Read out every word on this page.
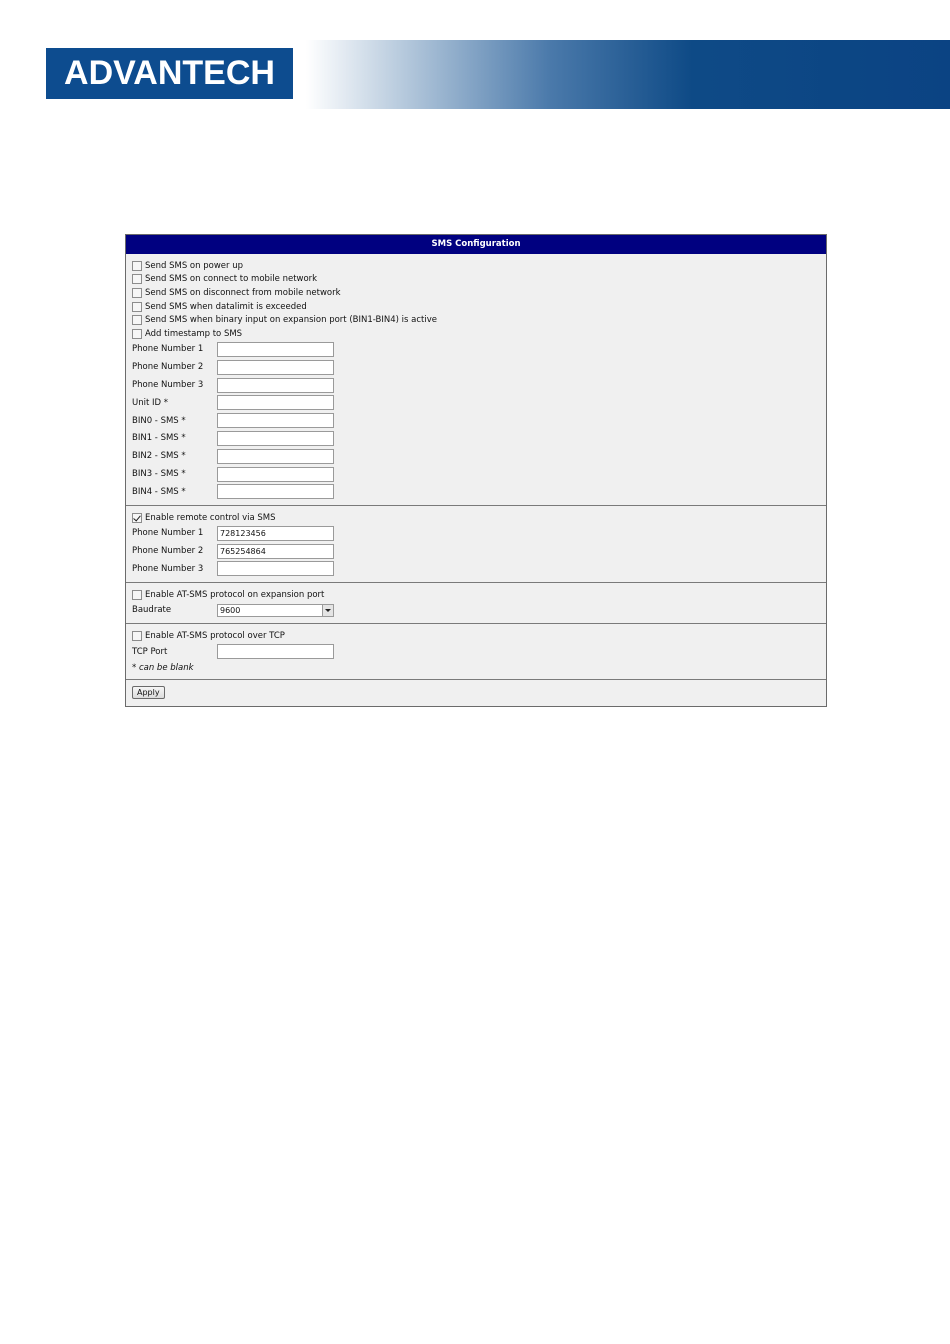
ADVANTECH
SMS Configuration
Send SMS on power up
Send SMS on connect to mobile network
Send SMS on disconnect from mobile network
Send SMS when datalimit is exceeded
Send SMS when binary input on expansion port (BIN1-BIN4) is active
Add timestamp to SMS
Phone Number 1
Phone Number 2
Phone Number 3
Unit ID *
BIN0 - SMS *
BIN1 - SMS *
BIN2 - SMS *
BIN3 - SMS *
BIN4 - SMS *
Enable remote control via SMS
Phone Number 1	728123456
Phone Number 2	765254864
Phone Number 3
Enable AT-SMS protocol on expansion port
Baudrate	9600
Enable AT-SMS protocol over TCP
TCP Port
* can be blank
Apply
